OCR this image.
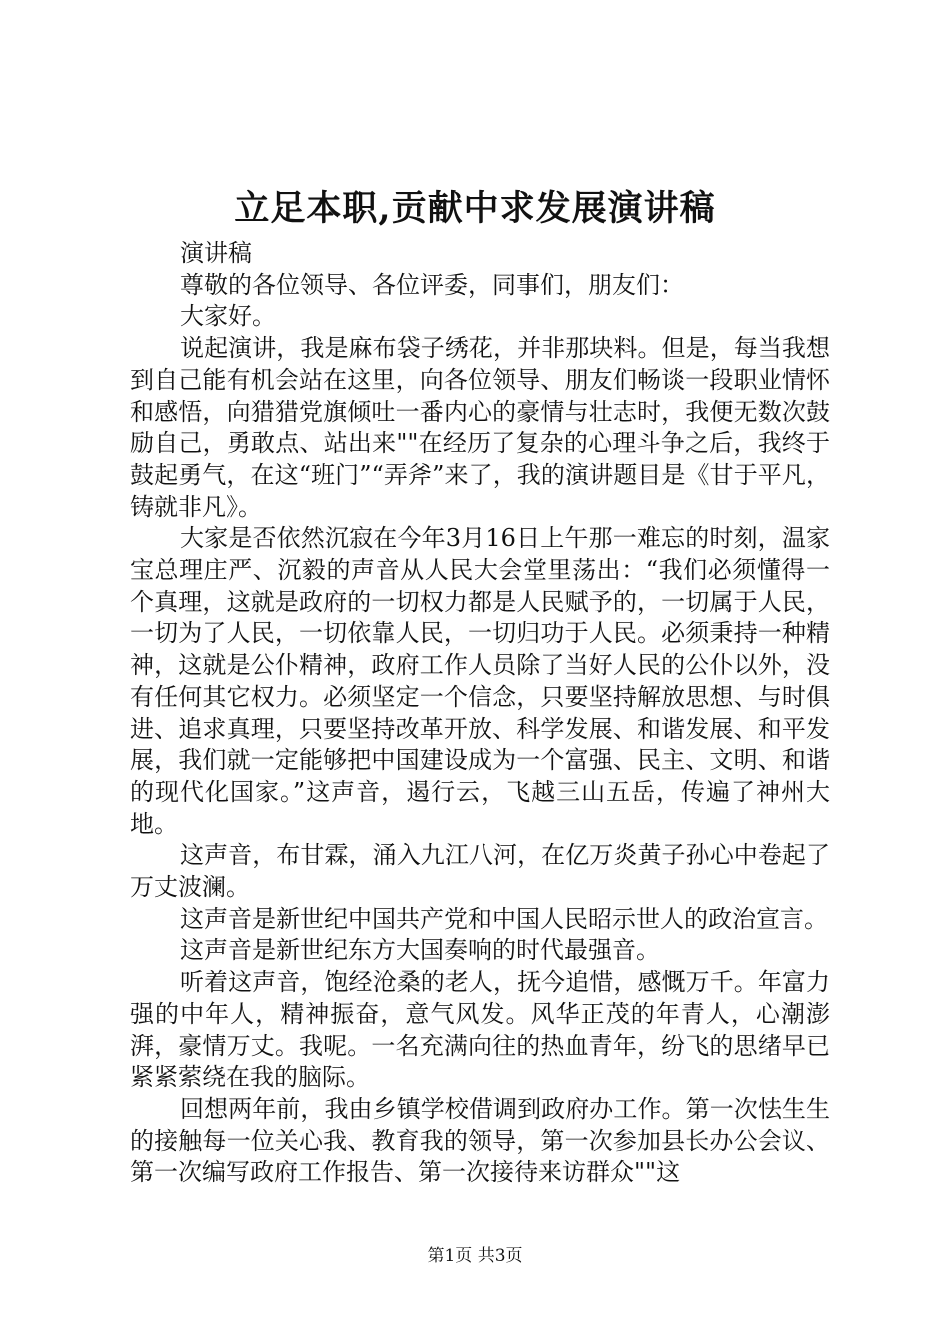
立足本职,贡献中求发展演讲稿

演讲稿

尊敬的各位领导、各位评委，同事们，朋友们：

大家好。

说起演讲，我是麻布袋子绣花，并非那块料。但是，每当我想到自己能有机会站在这里，向各位领导、朋友们畅谈一段职业情怀和感悟，向猎猎党旗倾吐一番内心的豪情与壮志时，我便无数次鼓励自己，勇敢点、站出来""在经历了复杂的心理斗争之后，我终于鼓起勇气，在这“班门”“弄斧”来了，我的演讲题目是《甘于平凡，铸就非凡》。

大家是否依然沉寂在今年3月16日上午那一难忘的时刻，温家宝总理庄严、沉毅的声音从人民大会堂里荡出：“我们必须懂得一个真理，这就是政府的一切权力都是人民赋予的，一切属于人民，一切为了人民，一切依靠人民，一切归功于人民。必须秉持一种精神，这就是公仆精神，政府工作人员除了当好人民的公仆以外，没有任何其它权力。必须坚定一个信念，只要坚持解放思想、与时俱进、追求真理，只要坚持改革开放、科学发展、和谐发展、和平发展，我们就一定能够把中国建设成为一个富强、民主、文明、和谐的现代化国家。”这声音，遏行云，飞越三山五岳，传遍了神州大地。

这声音，布甘霖，涌入九江八河，在亿万炎黄子孙心中卷起了万丈波澜。

这声音是新世纪中国共产党和中国人民昭示世人的政治宣言。

这声音是新世纪东方大国奏响的时代最强音。

听着这声音，饱经沧桑的老人，抚今追惜，感慨万千。年富力强的中年人，精神振奋，意气风发。风华正茂的年青人，心潮澎湃，豪情万丈。我呢。一名充满向往的热血青年，纷飞的思绪早已紧紧萦绕在我的脑际。

回想两年前，我由乡镇学校借调到政府办工作。第一次怯生生的接触每一位关心我、教育我的领导，第一次参加县长办公会议、第一次编写政府工作报告、第一次接待来访群众""这

第1页 共3页
